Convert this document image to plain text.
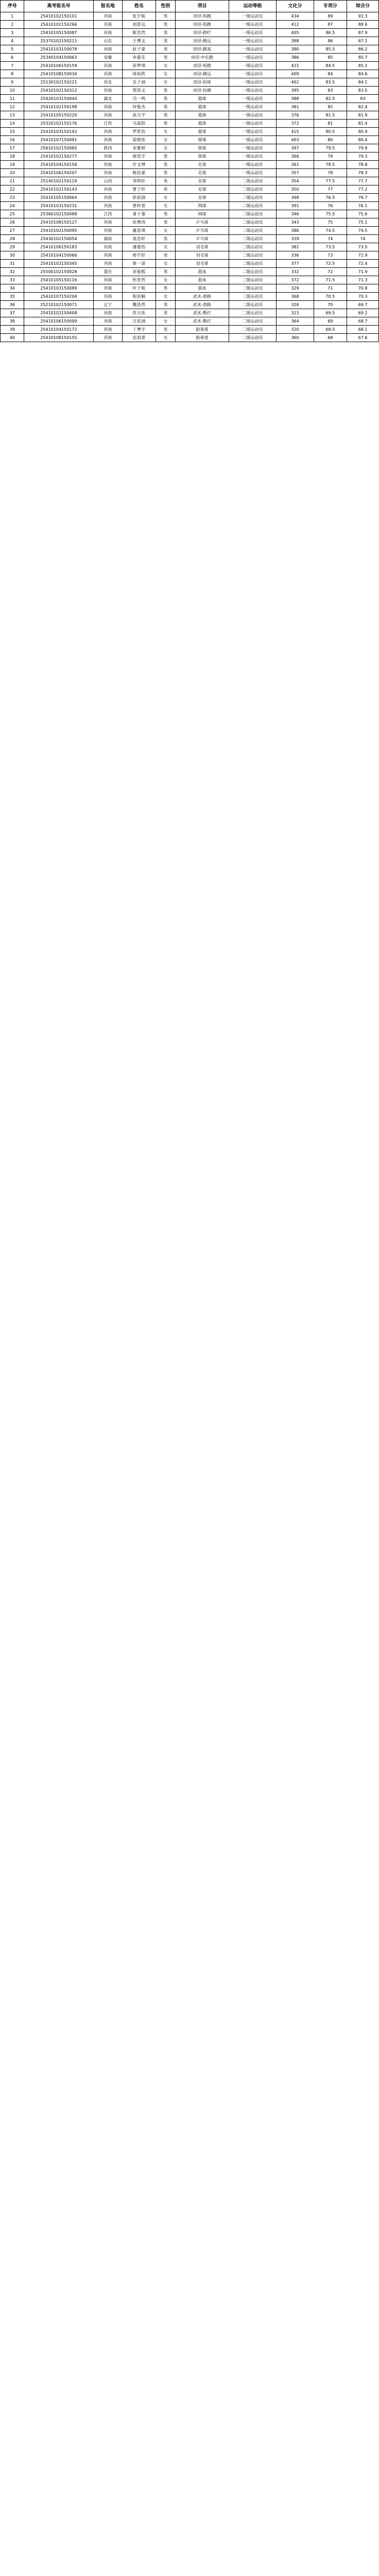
序号	高考报名号	报名地	姓名	性别	项目	运动等级	文化分	专项分	综合分
1	25410102150101	河南	张宇航	男	田径-短跑	一级运动员	434	89	91.3
2	25410102150266	河南	刘思远	男	田径-短跑	一级运动员	412	87	88.6
3	25410105150087	河南	陈浩然	男	田径-跨栏	一级运动员	405	86.5	87.9
4	25370102150211	山东	王博文	男	田径-跳远	一级运动员	398	86	87.1
5	25410103150078	河南	赵子豪	男	田径-跳高	一级运动员	390	85.5	86.2
6	25340104150063	安徽	李嘉乐	男	田径-中长跑	一级运动员	386	85	85.7
7	25410106150159	河南	孙梦琪	女	田径-短跑	一级运动员	421	84.5	85.2
8	25410108150034	河南	周雨欣	女	田径-跳远	一级运动员	409	84	84.6
9	25130102150221	河北	吴子涵	女	田径-铅球	一级运动员	402	83.5	84.1
10	25410102150312	河南	郑凯文	男	田径-投掷	一级运动员	395	83	83.5
11	25420103150044	湖北	冯一鸣	男	篮球	一级运动员	388	82.5	83
12	25410102150198	河南	何俊杰	男	篮球	一级运动员	381	82	82.4
13	25410105150220	河南	高天宇	男	篮球	一级运动员	376	81.5	81.9
14	25320102150176	江苏	马晨阳	男	篮球	一级运动员	372	81	81.4
15	25410103150142	河南	罗欣怡	女	篮球	一级运动员	415	80.5	80.9
16	25410107150091	河南	梁晓彤	女	排球	一级运动员	403	80	80.4
17	25610102150065	陕西	宋雅婷	女	排球	一级运动员	397	79.5	79.8
18	25410102150277	河南	唐浩宇	男	排球	一级运动员	366	79	79.3
19	25410104150158	河南	许文博	男	足球	一级运动员	361	78.5	78.8
20	25410106150207	河南	韩佳豪	男	足球	一级运动员	357	78	78.3
21	25140102150119	山西	邓明轩	男	足球	二级运动员	354	77.5	77.7
22	25410102150143	河南	曹子轩	男	足球	二级运动员	350	77	77.2
23	25410105150064	河南	彭雨涵	女	足球	二级运动员	398	76.5	76.7
24	25410103150231	河南	曾梓萱	女	网球	二级运动员	391	76	76.1
25	25360102150088	江西	萧子墨	男	网球	二级运动员	346	75.5	75.6
26	25410108150127	河南	田博涛	男	乒乓球	二级运动员	343	75	75.1
27	25410102150095	河南	董思琪	女	乒乓球	二级运动员	386	74.5	74.5
28	25430102150054	湖南	袁浩轩	男	乒乓球	二级运动员	339	74	74
29	25410106150183	河南	潘嘉怡	女	羽毛球	二级运动员	381	73.5	73.5
30	25410104150066	河南	蒋宇轩	男	羽毛球	二级运动员	336	73	72.9
31	25410102150345	河南	蔡一诺	女	羽毛球	二级运动员	377	72.5	72.4
32	25500102150028	重庆	余俊熙	男	游泳	二级运动员	332	72	71.9
33	25410105150116	河南	杜欣然	女	游泳	二级运动员	372	71.5	71.3
34	25410103150089	河南	叶子航	男	游泳	二级运动员	329	71	70.8
35	25410107150204	河南	程雨桐	女	武术-套路	二级运动员	368	70.5	70.3
36	25210102150071	辽宁	魏浩然	男	武术-套路	二级运动员	326	70	69.7
37	25410102150408	河南	苏天佑	男	武术-散打	二级运动员	323	69.5	69.2
38	25410106150099	河南	吕思涵	女	武术-散打	二级运动员	364	69	68.7
39	25410104150172	河南	丁博宇	男	跆拳道	二级运动员	320	68.5	68.1
40	25410108150155	河南	沈雨萱	女	跆拳道	二级运动员	360	68	67.6
